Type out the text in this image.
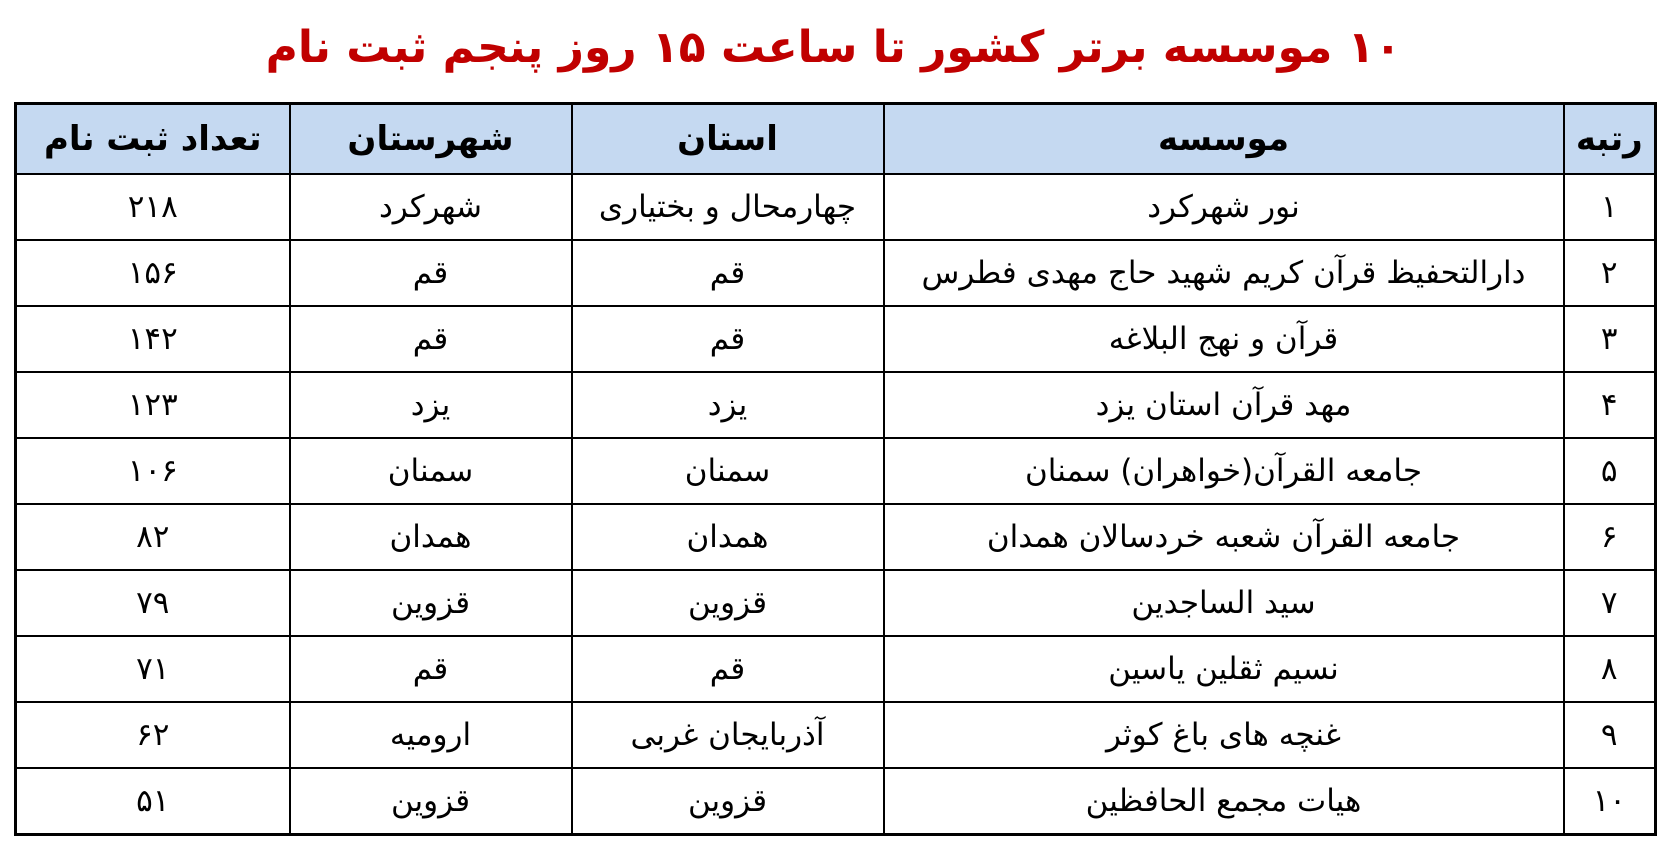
۱۰ موسسه برتر کشور تا ساعت ۱۵ روز پنجم ثبت نام
رتبه	موسسه	استان	شهرستان	تعداد ثبت نام
۱	نور شهرکرد	چهارمحال و بختیاری	شهرکرد	۲۱۸
۲	دارالتحفیظ قرآن کریم شهید حاج مهدی فطرس	قم	قم	۱۵۶
۳	قرآن و نهج البلاغه	قم	قم	۱۴۲
۴	مهد قرآن استان یزد	یزد	یزد	۱۲۳
۵	جامعه القرآن(خواهران) سمنان	سمنان	سمنان	۱۰۶
۶	جامعه القرآن شعبه خردسالان همدان	همدان	همدان	۸۲
۷	سید الساجدین	قزوین	قزوین	۷۹
۸	نسیم ثقلین یاسین	قم	قم	۷۱
۹	غنچه های باغ کوثر	آذربایجان غربی	ارومیه	۶۲
۱۰	هیات مجمع الحافظین	قزوین	قزوین	۵۱
